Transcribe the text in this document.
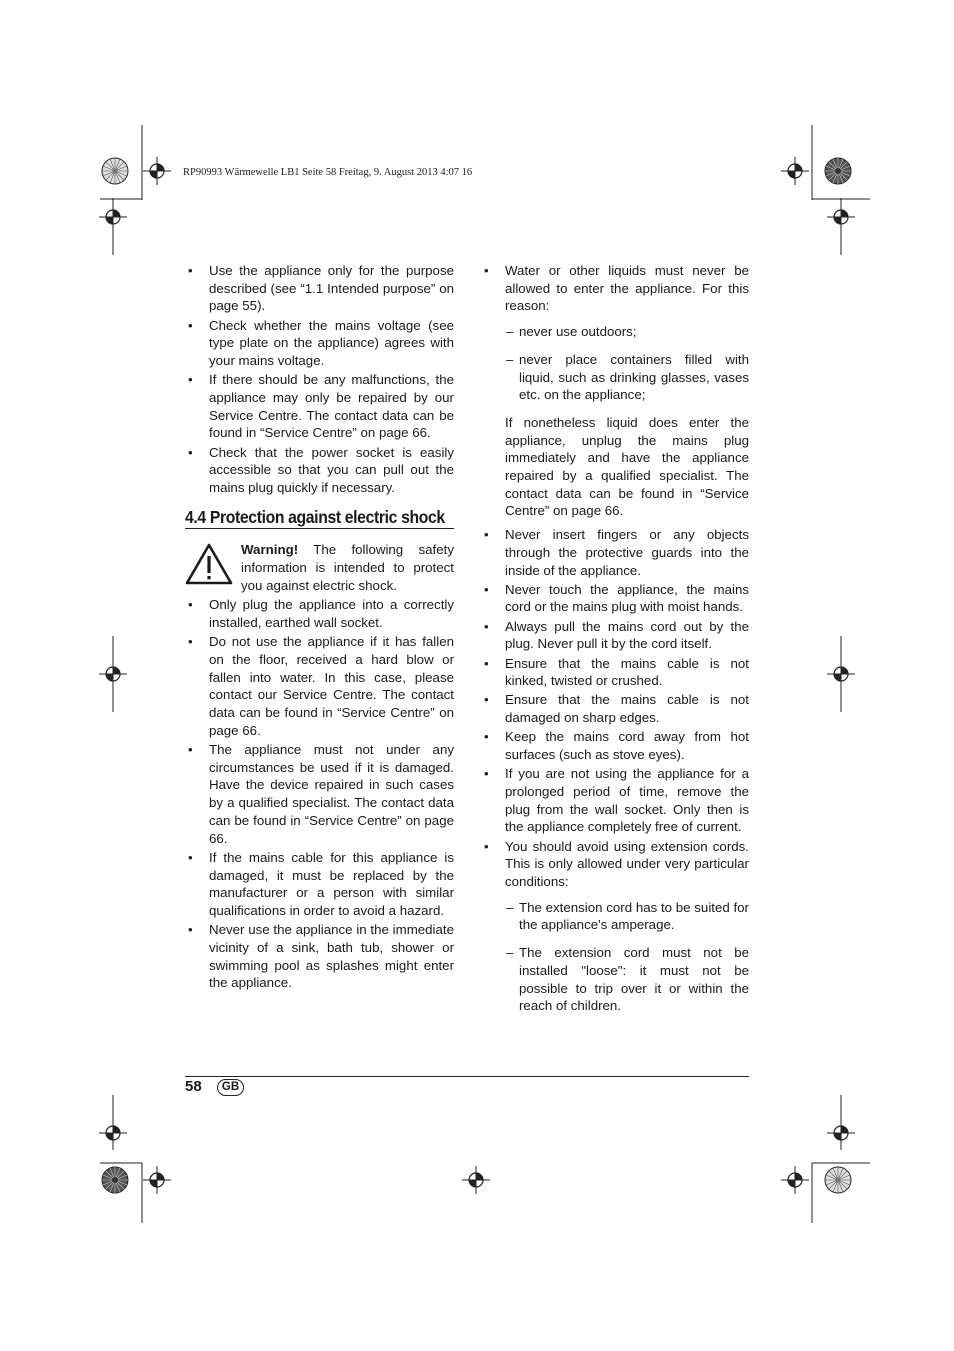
RP90993 Wärmewelle LB1 Seite 58 Freitag, 9. August 2013 4:07 16
• Use the appliance only for the purpose described (see “1.1 Intended purpose” on page 55).
• Check whether the mains voltage (see type plate on the appliance) agrees with your mains voltage.
• If there should be any malfunctions, the appliance may only be repaired by our Service Centre. The contact data can be found in “Service Centre” on page 66.
• Check that the power socket is easily accessible so that you can pull out the mains plug quickly if necessary.
4.4 Protection against electric shock
Warning! The following safety information is intended to protect you against electric shock.
• Only plug the appliance into a correctly installed, earthed wall socket.
• Do not use the appliance if it has fallen on the floor, received a hard blow or fallen into water. In this case, please contact our Service Centre. The contact data can be found in “Service Centre” on page 66.
• The appliance must not under any circumstances be used if it is damaged. Have the device repaired in such cases by a qualified specialist. The contact data can be found in “Service Centre” on page 66.
• If the mains cable for this appliance is damaged, it must be replaced by the manufacturer or a person with similar qualifications in order to avoid a hazard.
• Never use the appliance in the immediate vicinity of a sink, bath tub, shower or swimming pool as splashes might enter the appliance.
• Water or other liquids must never be allowed to enter the appliance. For this reason:
– never use outdoors;
– never place containers filled with liquid, such as drinking glasses, vases etc. on the appliance;
If nonetheless liquid does enter the appliance, unplug the mains plug immediately and have the appliance repaired by a qualified specialist. The contact data can be found in “Service Centre” on page 66.
• Never insert fingers or any objects through the protective guards into the inside of the appliance.
• Never touch the appliance, the mains cord or the mains plug with moist hands.
• Always pull the mains cord out by the plug. Never pull it by the cord itself.
• Ensure that the mains cable is not kinked, twisted or crushed.
• Ensure that the mains cable is not damaged on sharp edges.
• Keep the mains cord away from hot surfaces (such as stove eyes).
• If you are not using the appliance for a prolonged period of time, remove the plug from the wall socket. Only then is the appliance completely free of current.
• You should avoid using extension cords. This is only allowed under very particular conditions:
– The extension cord has to be suited for the appliance's amperage.
– The extension cord must not be installed "loose": it must not be possible to trip over it or within the reach of children.
58	GB
